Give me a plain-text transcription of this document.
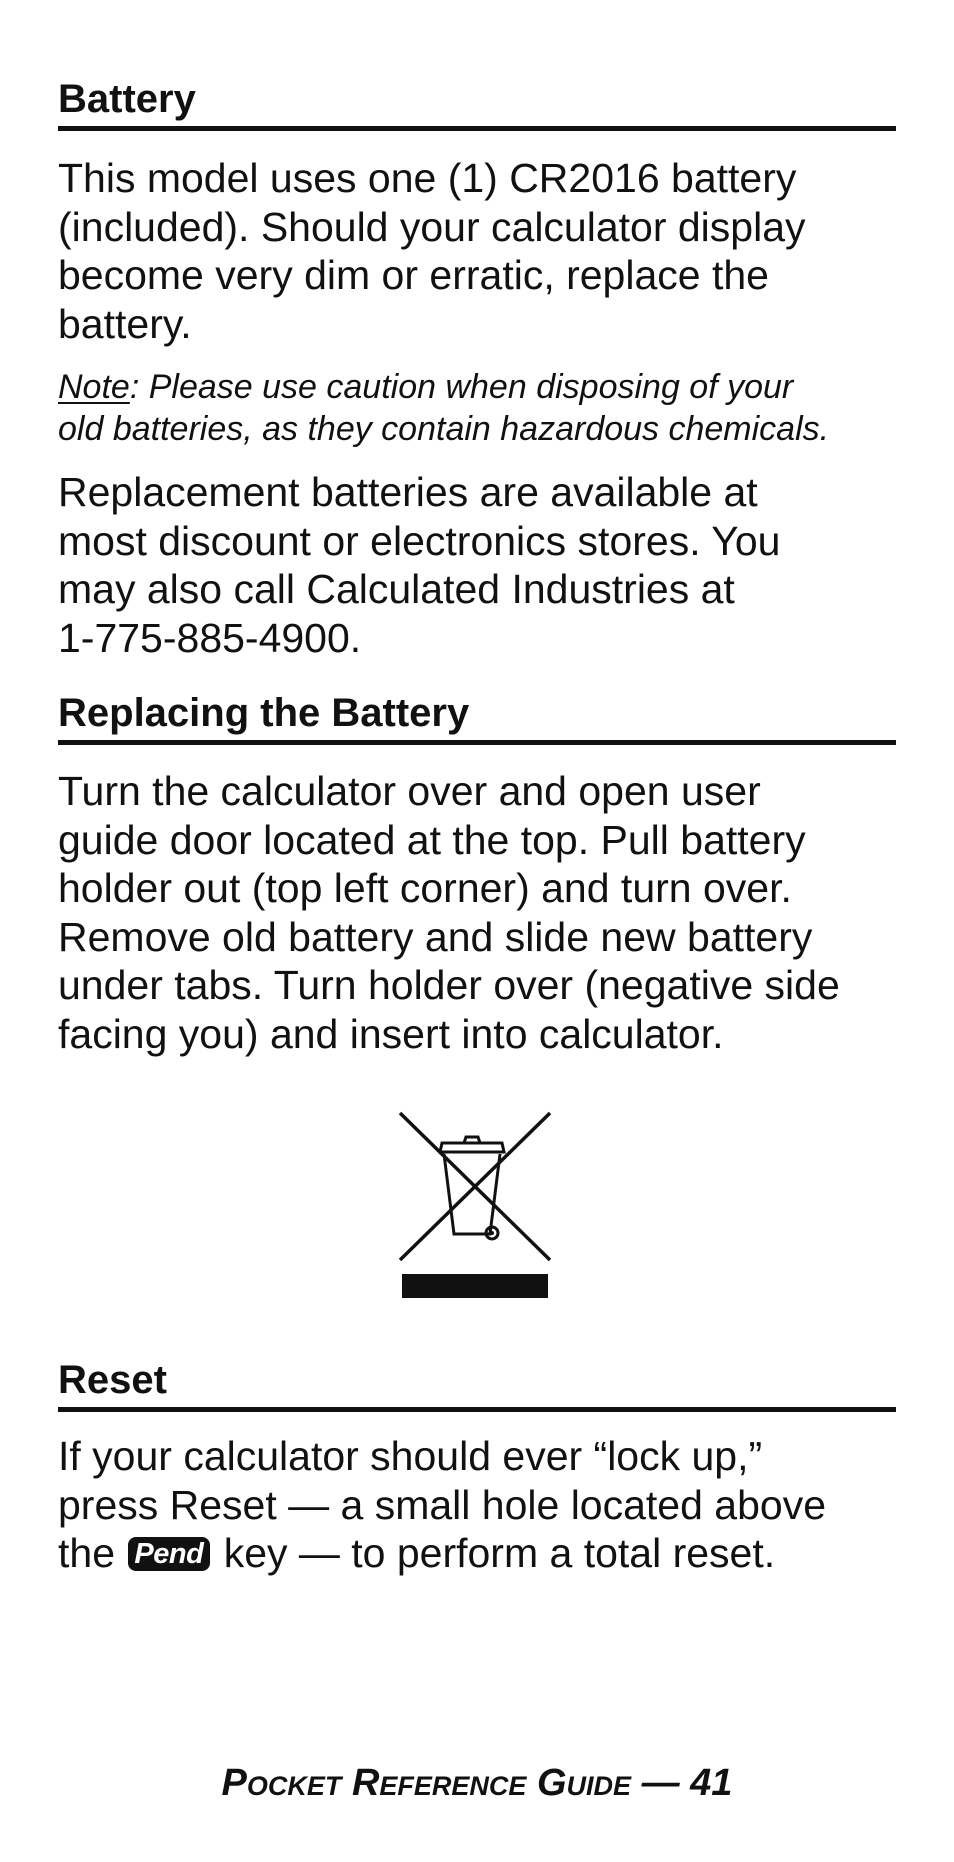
Battery

This model uses one (1) CR2016 battery
(included). Should your calculator display
become very dim or erratic, replace the
battery.

Note: Please use caution when disposing of your
old batteries, as they contain hazardous chemicals.

Replacement batteries are available at
most discount or electronics stores. You
may also call Calculated Industries at
1-775-885-4900.

Replacing the Battery

Turn the calculator over and open user
guide door located at the top. Pull battery
holder out (top left corner) and turn over.
Remove old battery and slide new battery
under tabs. Turn holder over (negative side
facing you) and insert into calculator.

Reset

If your calculator should ever “lock up,”
press Reset — a small hole located above
the Pend key — to perform a total reset.

Pocket Reference Guide — 41
